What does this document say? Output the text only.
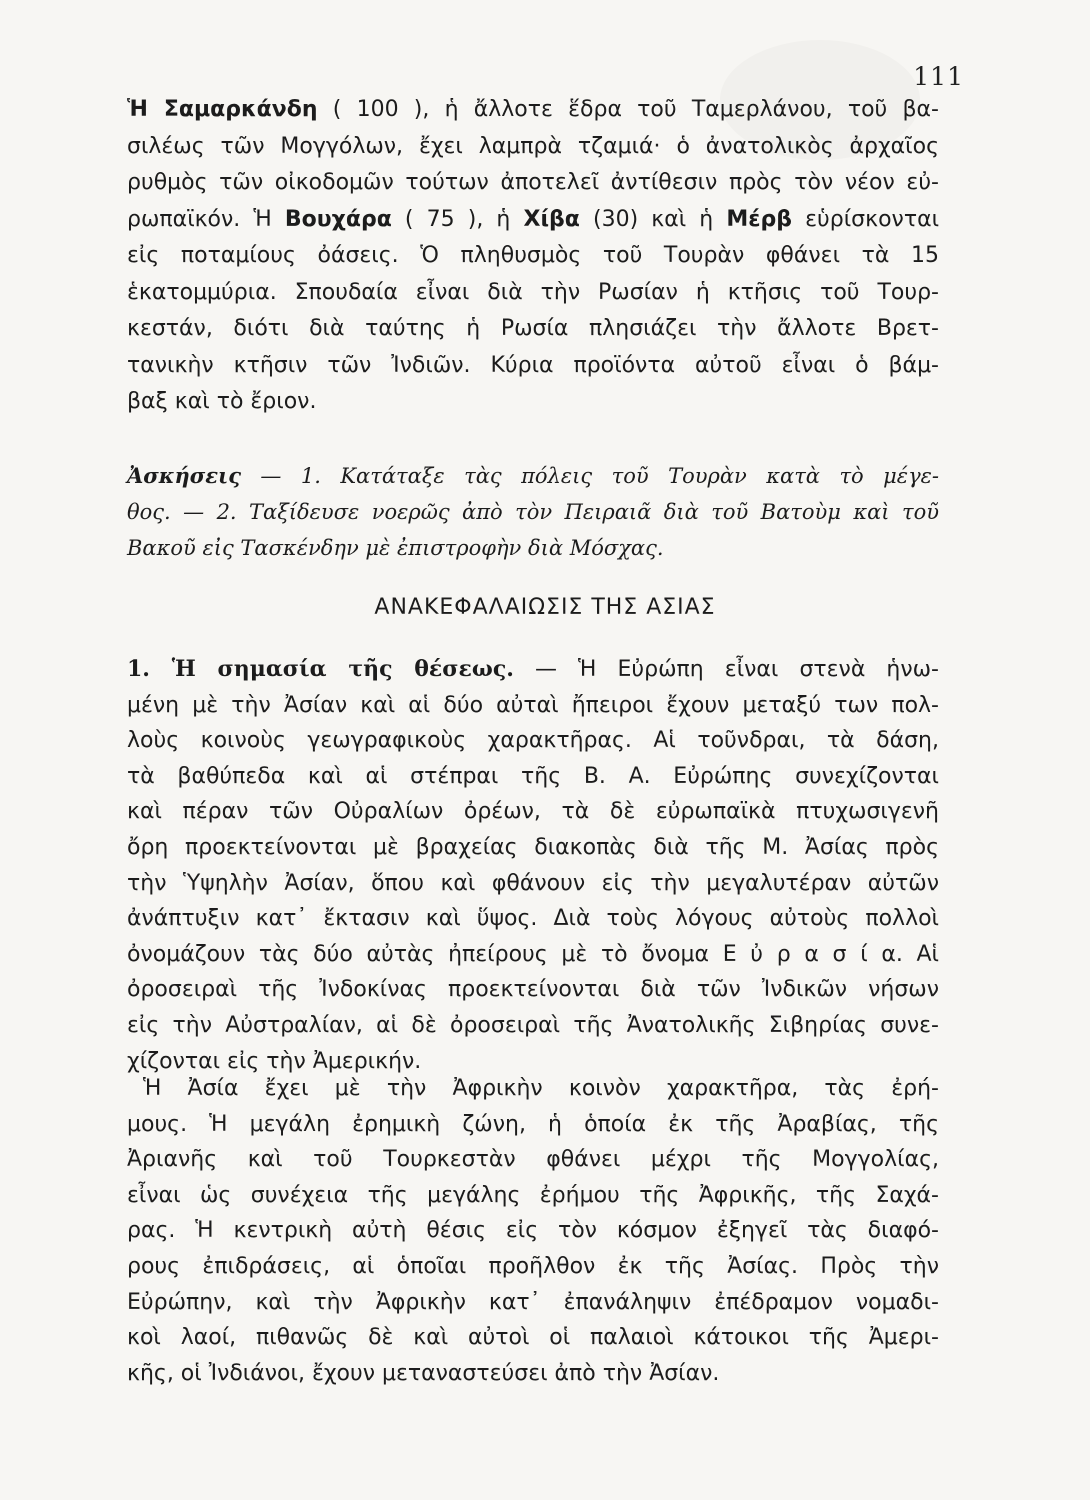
111
Ἡ Σαμαρκάνδη ( 100 ), ἡ ἄλλοτε ἕδρα τοῦ Ταμερλάνου, τοῦ βα-
σιλέως τῶν Μογγόλων, ἔχει λαμπρὰ τζαμιά· ὁ ἀνατολικὸς ἀρχαῖος
ρυθμὸς τῶν οἰκοδομῶν τούτων ἀποτελεῖ ἀντίθεσιν πρὸς τὸν νέον εὐ-
ρωπαϊκόν. Ἡ Βουχάρα ( 75 ), ἡ Χίβα (30) καὶ ἡ Μέρβ εὑρίσκονται
εἰς ποταμίους ὀάσεις. Ὁ πληθυσμὸς τοῦ Τουρὰν φθάνει τὰ 15
ἑκατομμύρια. Σπουδαία εἶναι διὰ τὴν Ρωσίαν ἡ κτῆσις τοῦ Τουρ-
κεστάν, διότι διὰ ταύτης ἡ Ρωσία πλησιάζει τὴν ἄλλοτε Βρετ-
τανικὴν κτῆσιν τῶν Ἰνδιῶν. Κύρια προϊόντα αὐτοῦ εἶναι ὁ βάμ-
βαξ καὶ τὸ ἔριον.
Ἀσκήσεις — 1. Κατάταξε τὰς πόλεις τοῦ Τουρὰν κατὰ τὸ μέγε-
θος. — 2. Ταξίδευσε νοερῶς ἀπὸ τὸν Πειραιᾶ διὰ τοῦ Βατοὺμ καὶ τοῦ
Βακοῦ εἰς Τασκένδην μὲ ἐπιστροφὴν διὰ Μόσχας.
ΑΝΑΚΕΦΑΛΑΙΩΣΙΣ ΤΗΣ ΑΣΙΑΣ
1. Ἡ σημασία τῆς θέσεως. — Ἡ Εὐρώπη εἶναι στενὰ ἡνω-
μένη μὲ τὴν Ἀσίαν καὶ αἱ δύο αὐταὶ ἤπειροι ἔχουν μεταξύ των πολ-
λοὺς κοινοὺς γεωγραφικοὺς χαρακτῆρας. Αἱ τοῦνδραι, τὰ δάση,
τὰ βαθύπεδα καὶ αἱ στέπpαι τῆς Β. Α. Εὐρώπης συνεχίζονται
καὶ πέραν τῶν Οὐραλίων ὀρέων, τὰ δὲ εὐρωπαϊκὰ πτυχωσιγενῆ
ὄρη προεκτείνονται μὲ βραχείας διακοπὰς διὰ τῆς Μ. Ἀσίας πρὸς
τὴν Ὑψηλὴν Ἀσίαν, ὅπου καὶ φθάνουν εἰς τὴν μεγαλυτέραν αὐτῶν
ἀνάπτυξιν κατ᾽ ἔκτασιν καὶ ὕψος. Διὰ τοὺς λόγους αὐτοὺς πολλοὶ
ὀνομάζουν τὰς δύο αὐτὰς ἠπείρους μὲ τὸ ὄνομα Ε ὐ ρ α σ ί α. Αἱ
ὀροσειραὶ τῆς Ἰνδοκίνας προεκτείνονται διὰ τῶν Ἰνδικῶν νήσων
εἰς τὴν Αὐστραλίαν, αἱ δὲ ὀροσειραὶ τῆς Ἀνατολικῆς Σιβηρίας συνε-
χίζονται εἰς τὴν Ἀμερικήν.
Ἡ Ἀσία ἔχει μὲ τὴν Ἀφρικὴν κοινὸν χαρακτῆρα, τὰς ἐρή-
μους. Ἡ μεγάλη ἐρημικὴ ζώνη, ἡ ὁποία ἐκ τῆς Ἀραβίας, τῆς
Ἀριανῆς καὶ τοῦ Τουρκεστὰν φθάνει μέχρι τῆς Μογγολίας,
εἶναι ὡς συνέχεια τῆς μεγάλης ἐρήμου τῆς Ἀφρικῆς, τῆς Σαχά-
ρας. Ἡ κεντρικὴ αὐτὴ θέσις εἰς τὸν κόσμον ἐξηγεῖ τὰς διαφό-
ρους ἐπιδράσεις, αἱ ὁποῖαι προῆλθον ἐκ τῆς Ἀσίας. Πρὸς τὴν
Εὐρώπην, καὶ τὴν Ἀφρικὴν κατ᾽ ἐπανάληψιν ἐπέδραμον νομαδι-
κοὶ λαοί, πιθανῶς δὲ καὶ αὐτοὶ οἱ παλαιοὶ κάτοικοι τῆς Ἀμερι-
κῆς, οἱ Ἰνδιάνοι, ἔχουν μεταναστεύσει ἀπὸ τὴν Ἀσίαν.
